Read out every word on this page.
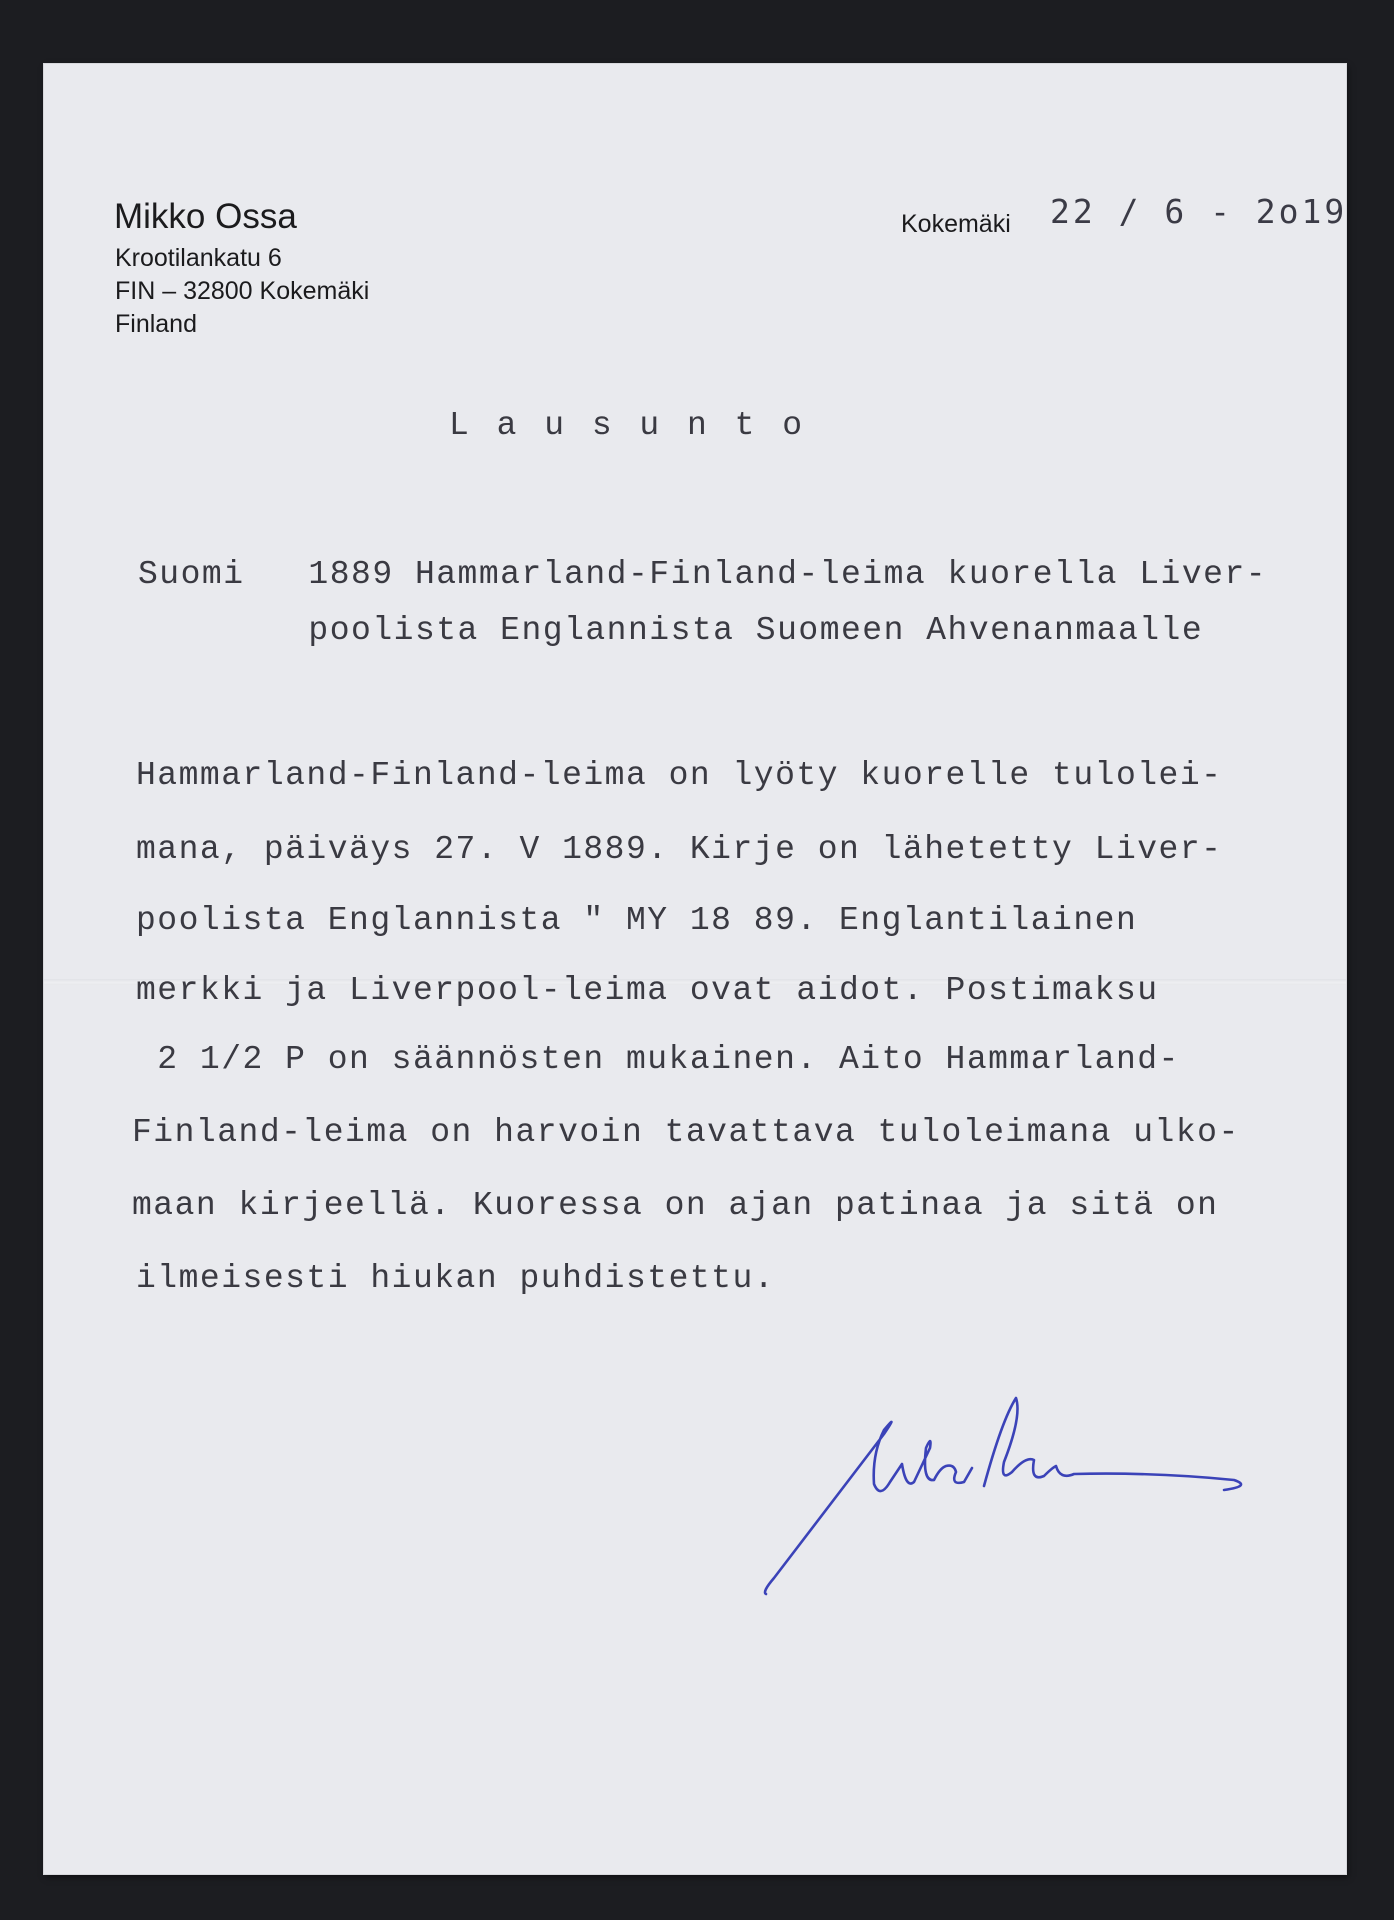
Mikko Ossa
Krootilankatu 6
FIN – 32800 Kokemäki
Finland
Kokemäki 22 / 6 - 2o19
L a u s u n t o
Suomi   1889 Hammarland-Finland-leima kuorella Liver-
poolista Englannista Suomeen Ahvenanmaalle
Hammarland-Finland-leima on lyöty kuorelle tulolei-
mana, päiväys 27. V 1889. Kirje on lähetetty Liver-
poolista Englannista " MY 18 89. Englantilainen
merkki ja Liverpool-leima ovat aidot. Postimaksu
2 1/2 P on säännösten mukainen. Aito Hammarland-
Finland-leima on harvoin tavattava tuloleimana ulko-
maan kirjeellä. Kuoressa on ajan patinaa ja sitä on
ilmeisesti hiukan puhdistettu.
